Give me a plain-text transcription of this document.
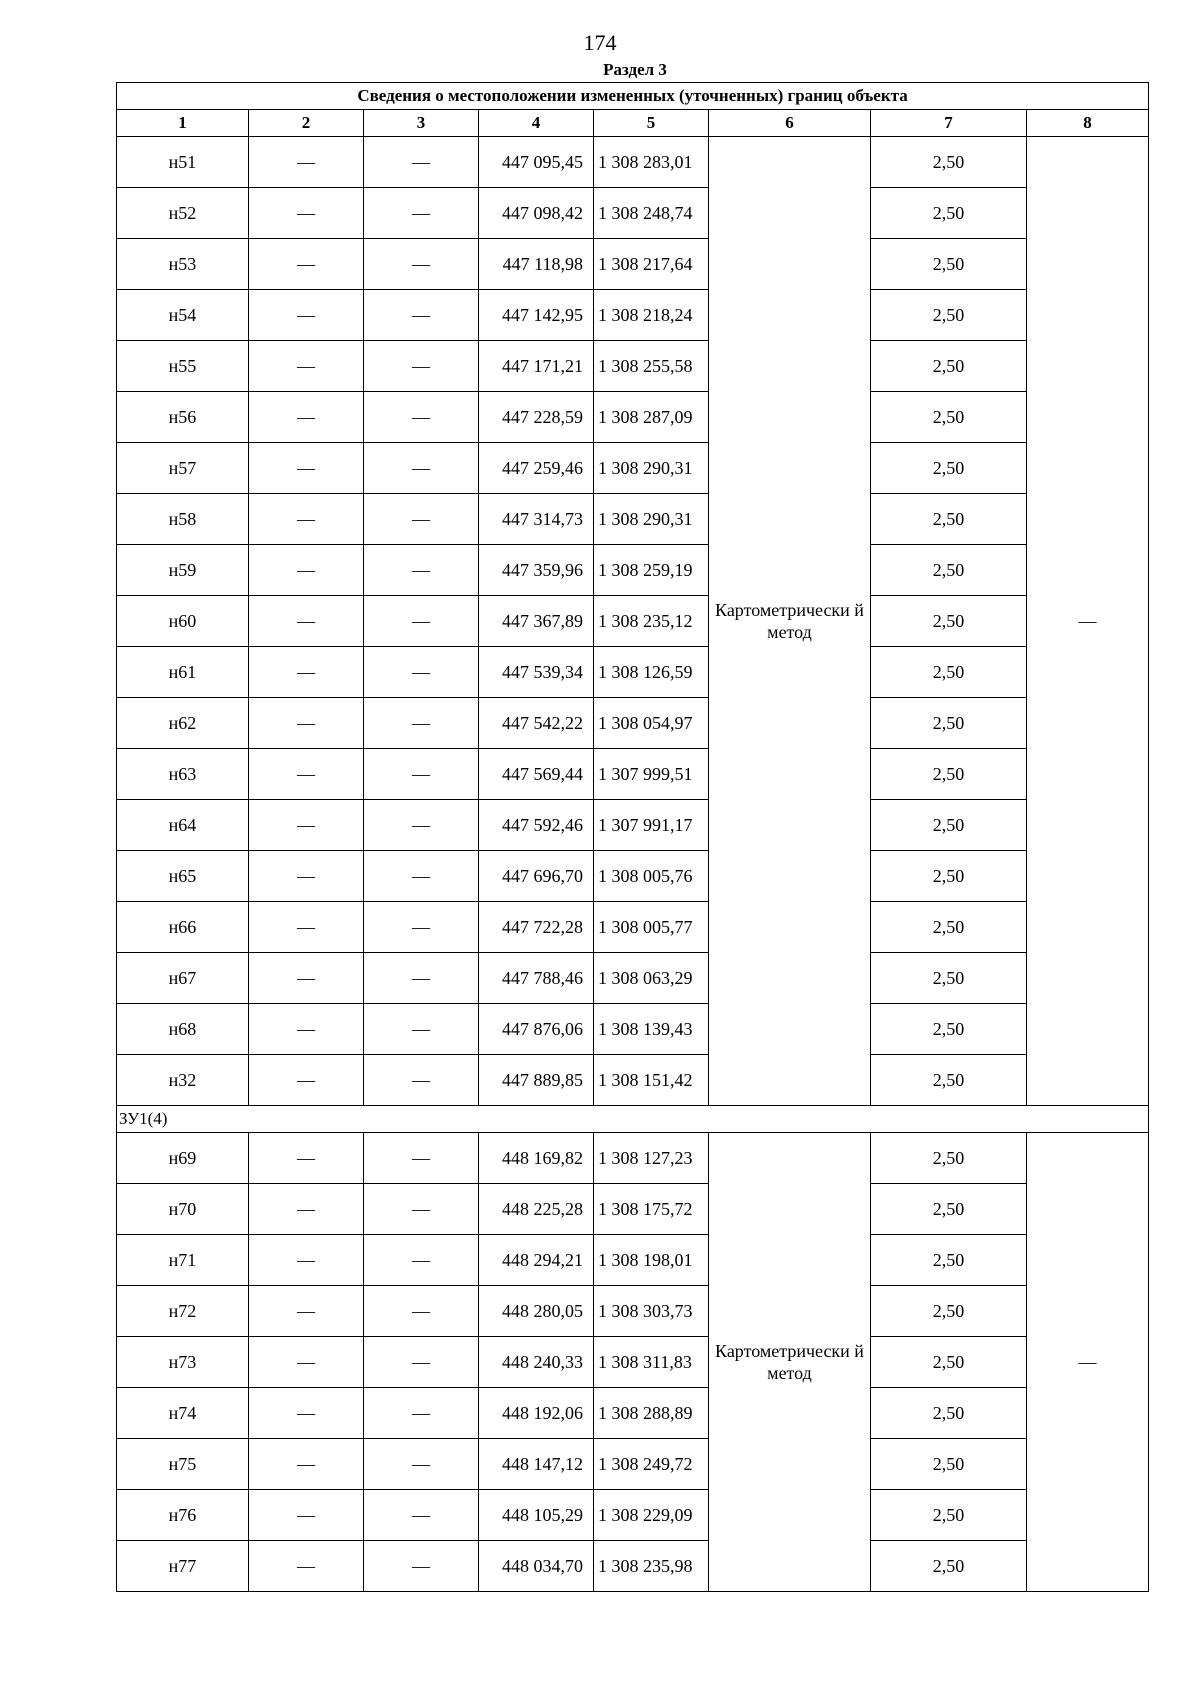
174
Раздел 3
Сведения о местоположении измененных (уточненных) границ объекта							
1	2	3	4	5	6	7	8
н51	—	—	447 095,45	1 308 283,01	Картометрически й метод	2,50	—
н52	—	—	447 098,42	1 308 248,74		2,50	
н53	—	—	447 118,98	1 308 217,64		2,50	
н54	—	—	447 142,95	1 308 218,24		2,50	
н55	—	—	447 171,21	1 308 255,58		2,50	
н56	—	—	447 228,59	1 308 287,09		2,50	
н57	—	—	447 259,46	1 308 290,31		2,50	
н58	—	—	447 314,73	1 308 290,31		2,50	
н59	—	—	447 359,96	1 308 259,19		2,50	
н60	—	—	447 367,89	1 308 235,12		2,50	
н61	—	—	447 539,34	1 308 126,59		2,50	
н62	—	—	447 542,22	1 308 054,97		2,50	
н63	—	—	447 569,44	1 307 999,51		2,50	
н64	—	—	447 592,46	1 307 991,17		2,50	
н65	—	—	447 696,70	1 308 005,76		2,50	
н66	—	—	447 722,28	1 308 005,77		2,50	
н67	—	—	447 788,46	1 308 063,29		2,50	
н68	—	—	447 876,06	1 308 139,43		2,50	
н32	—	—	447 889,85	1 308 151,42		2,50	
ЗУ1(4)							
н69	—	—	448 169,82	1 308 127,23	Картометрически й метод	2,50	—
н70	—	—	448 225,28	1 308 175,72		2,50	
н71	—	—	448 294,21	1 308 198,01		2,50	
н72	—	—	448 280,05	1 308 303,73		2,50	
н73	—	—	448 240,33	1 308 311,83		2,50	
н74	—	—	448 192,06	1 308 288,89		2,50	
н75	—	—	448 147,12	1 308 249,72		2,50	
н76	—	—	448 105,29	1 308 229,09		2,50	
н77	—	—	448 034,70	1 308 235,98		2,50	
